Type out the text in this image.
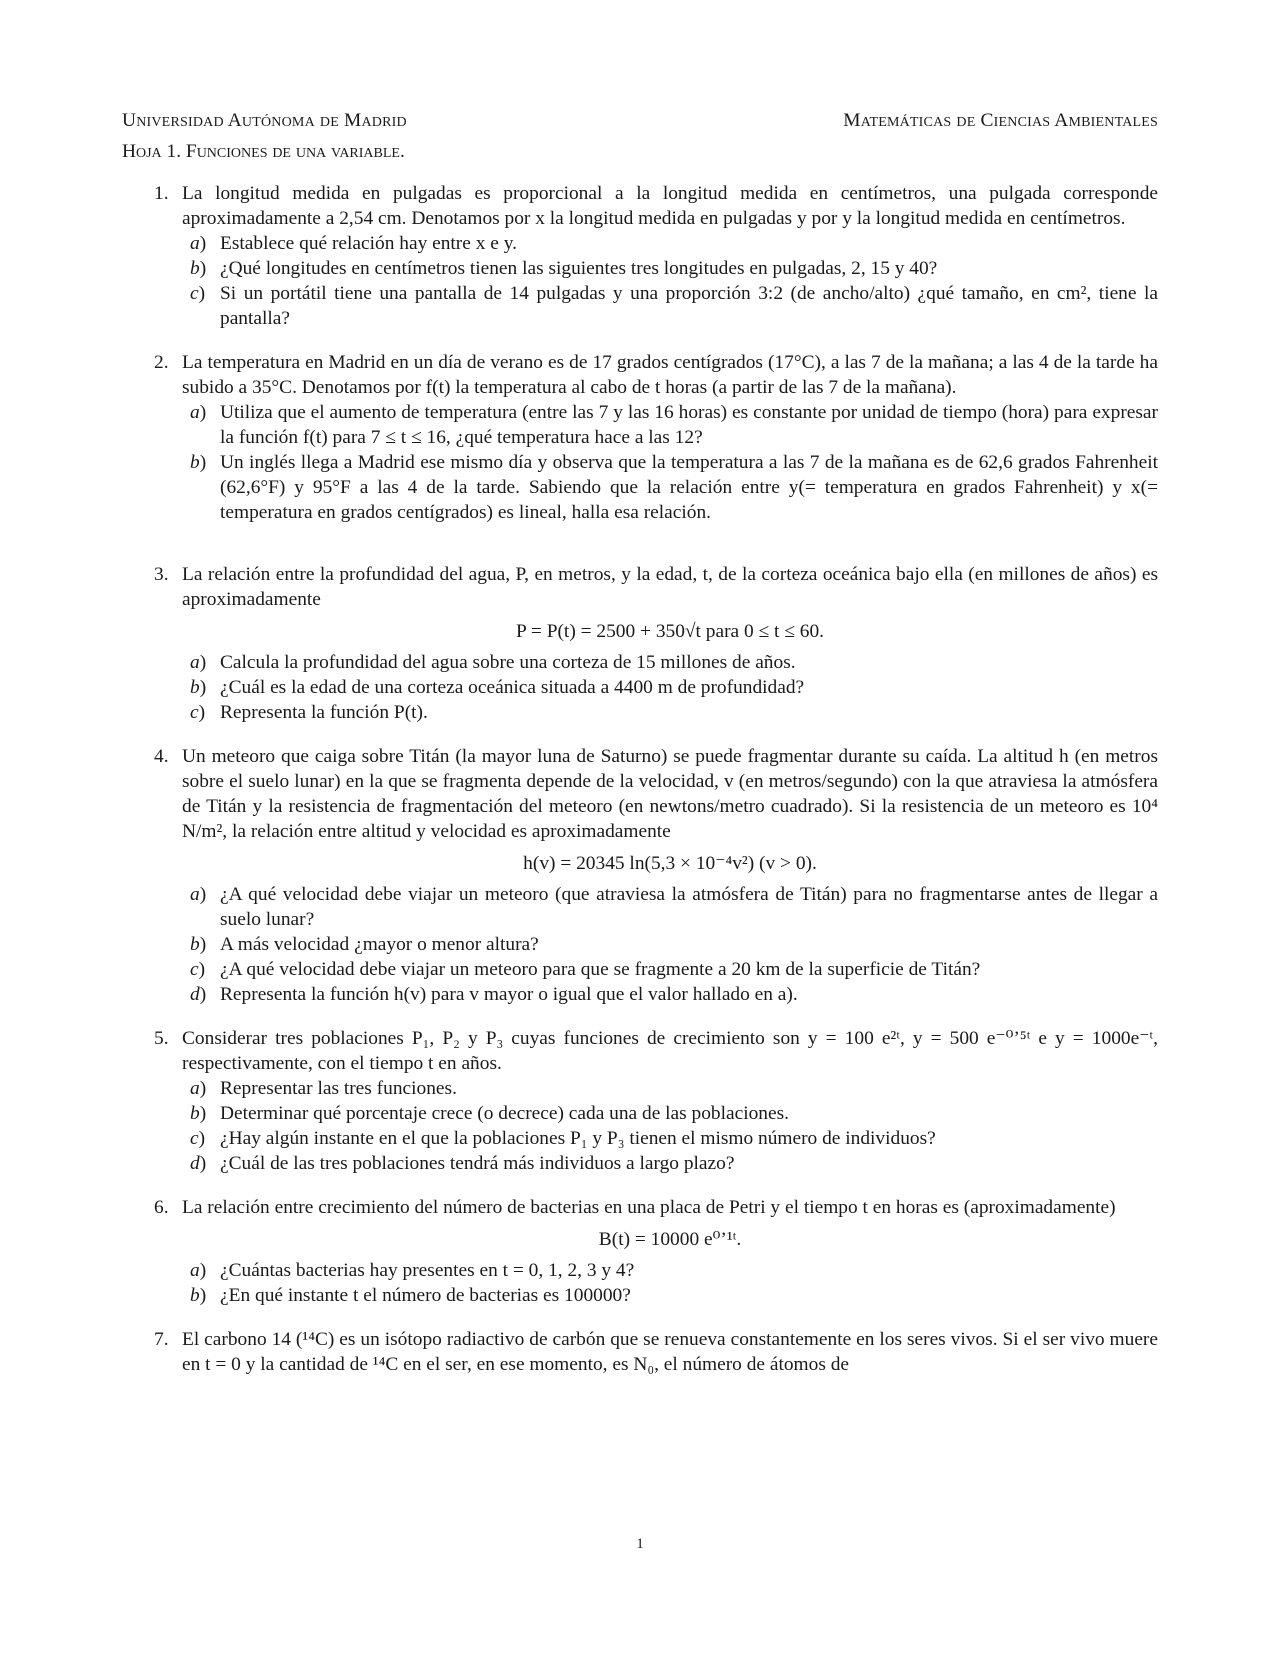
Universidad Autónoma de Madrid	Matemáticas de Ciencias Ambientales
Hoja 1. Funciones de una variable.
1. La longitud medida en pulgadas es proporcional a la longitud medida en centímetros, una pulgada corresponde aproximadamente a 2,54 cm. Denotamos por x la longitud medida en pulgadas y por y la longitud medida en centímetros.
a) Establece qué relación hay entre x e y.
b) ¿Qué longitudes en centímetros tienen las siguientes tres longitudes en pulgadas, 2, 15 y 40?
c) Si un portátil tiene una pantalla de 14 pulgadas y una proporción 3:2 (de ancho/alto) ¿qué tamaño, en cm², tiene la pantalla?
2. La temperatura en Madrid en un día de verano es de 17 grados centígrados (17°C), a las 7 de la mañana; a las 4 de la tarde ha subido a 35°C. Denotamos por f(t) la temperatura al cabo de t horas (a partir de las 7 de la mañana).
a) Utiliza que el aumento de temperatura (entre las 7 y las 16 horas) es constante por unidad de tiempo (hora) para expresar la función f(t) para 7 ≤ t ≤ 16, ¿qué temperatura hace a las 12?
b) Un inglés llega a Madrid ese mismo día y observa que la temperatura a las 7 de la mañana es de 62,6 grados Fahrenheit (62,6°F) y 95°F a las 4 de la tarde. Sabiendo que la relación entre y(= temperatura en grados Fahrenheit) y x(= temperatura en grados centígrados) es lineal, halla esa relación.
3. La relación entre la profundidad del agua, P, en metros, y la edad, t, de la corteza oceánica bajo ella (en millones de años) es aproximadamente
P = P(t) = 2500 + 350√t para 0 ≤ t ≤ 60.
a) Calcula la profundidad del agua sobre una corteza de 15 millones de años.
b) ¿Cuál es la edad de una corteza oceánica situada a 4400 m de profundidad?
c) Representa la función P(t).
4. Un meteoro que caiga sobre Titán (la mayor luna de Saturno) se puede fragmentar durante su caída. La altitud h (en metros sobre el suelo lunar) en la que se fragmenta depende de la velocidad, v (en metros/segundo) con la que atraviesa la atmósfera de Titán y la resistencia de fragmentación del meteoro (en newtons/metro cuadrado). Si la resistencia de un meteoro es 10⁴ N/m², la relación entre altitud y velocidad es aproximadamente
h(v) = 20345 ln(5,3 × 10⁻⁴v²) (v > 0).
a) ¿A qué velocidad debe viajar un meteoro (que atraviesa la atmósfera de Titán) para no fragmentarse antes de llegar a suelo lunar?
b) A más velocidad ¿mayor o menor altura?
c) ¿A qué velocidad debe viajar un meteoro para que se fragmente a 20 km de la superficie de Titán?
d) Representa la función h(v) para v mayor o igual que el valor hallado en a).
5. Considerar tres poblaciones P₁, P₂ y P₃ cuyas funciones de crecimiento son y = 100 e²ᵗ, y = 500 e⁻⁰ʼ⁵ᵗ e y = 1000e⁻ᵗ, respectivamente, con el tiempo t en años.
a) Representar las tres funciones.
b) Determinar qué porcentaje crece (o decrece) cada una de las poblaciones.
c) ¿Hay algún instante en el que la poblaciones P₁ y P₃ tienen el mismo número de individuos?
d) ¿Cuál de las tres poblaciones tendrá más individuos a largo plazo?
6. La relación entre crecimiento del número de bacterias en una placa de Petri y el tiempo t en horas es (aproximadamente)
B(t) = 10000 e⁰ʼ¹ᵗ.
a) ¿Cuántas bacterias hay presentes en t = 0, 1, 2, 3 y 4?
b) ¿En qué instante t el número de bacterias es 100000?
7. El carbono 14 (¹⁴C) es un isótopo radiactivo de carbón que se renueva constantemente en los seres vivos. Si el ser vivo muere en t = 0 y la cantidad de ¹⁴C en el ser, en ese momento, es N₀, el número de átomos de
1
